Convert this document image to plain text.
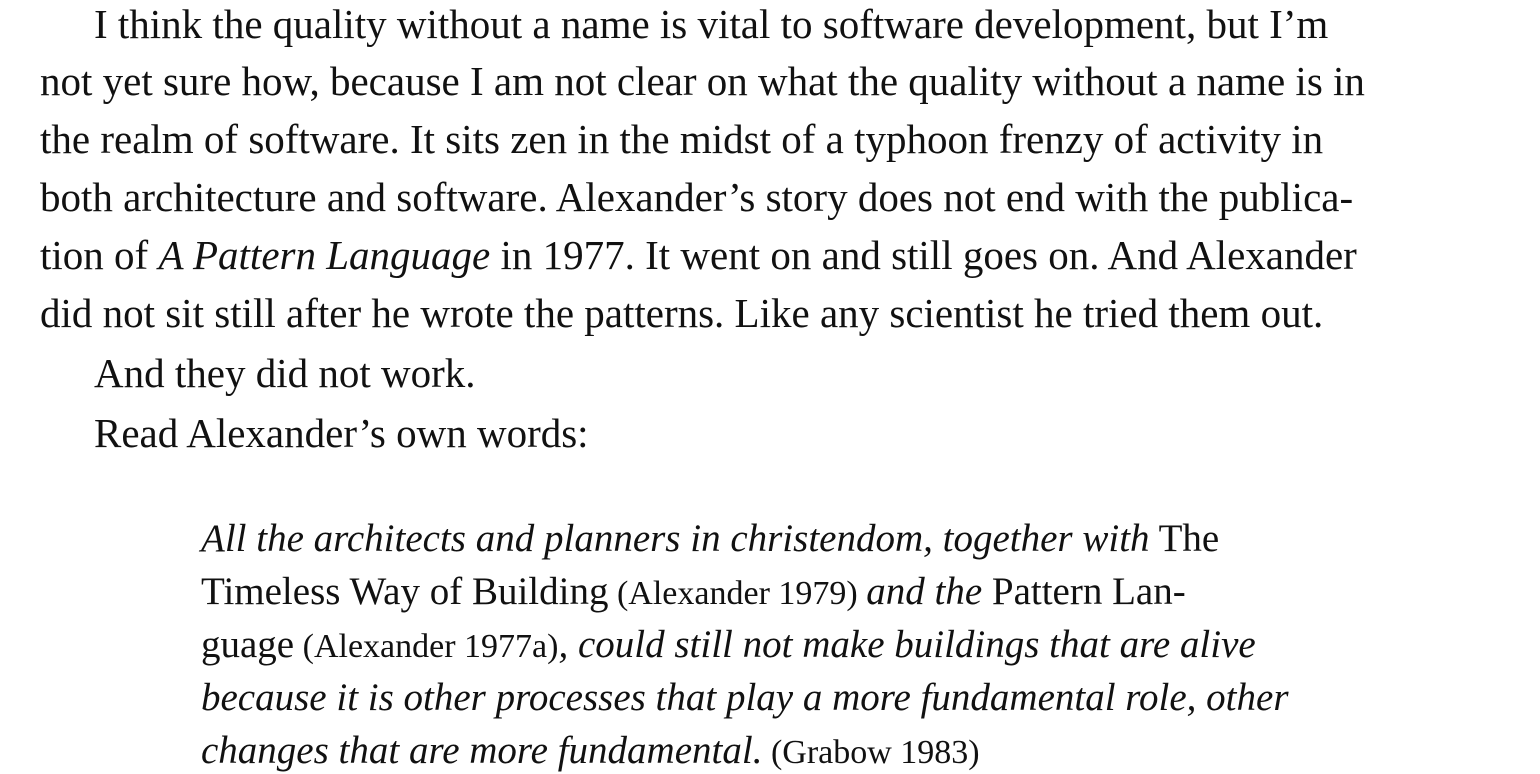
I think the quality without a name is vital to software development, but I’m
not yet sure how, because I am not clear on what the quality without a name is in
the realm of software. It sits zen in the midst of a typhoon frenzy of activity in
both architecture and software. Alexander’s story does not end with the publica-
tion of A Pattern Language in 1977. It went on and still goes on. And Alexander
did not sit still after he wrote the patterns. Like any scientist he tried them out.
And they did not work.
Read Alexander’s own words:
All the architects and planners in christendom, together with The
Timeless Way of Building (Alexander 1979) and the Pattern Lan-
guage (Alexander 1977a), could still not make buildings that are alive
because it is other processes that play a more fundamental role, other
changes that are more fundamental. (Grabow 1983)
